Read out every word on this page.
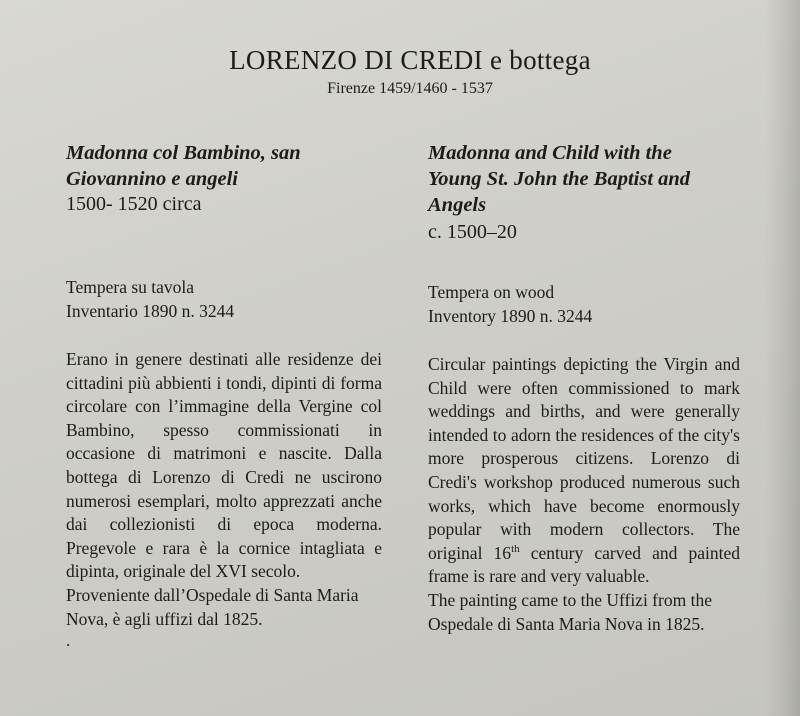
LORENZO DI CREDI e bottega

Firenze 1459/1460 - 1537

Madonna col Bambino, san

Giovannino e angeli

1500- 1520 circa

Tempera su tavola

Inventario 1890 n. 3244

Erano in genere destinati alle residenze dei cittadini più abbienti i tondi, dipinti di forma circolare con l’immagine della Vergine col Bambino, spesso commissionati in occasione di matrimoni e nascite. Dalla bottega di Lorenzo di Credi ne uscirono numerosi esemplari, molto apprezzati anche dai collezionisti di epoca moderna. Pregevole e rara è la cornice intagliata e dipinta, originale del XVI secolo.

Proveniente dall’Ospedale di Santa Maria Nova, è agli uffizi dal 1825.

.

Madonna and Child with the

Young St. John the Baptist and

Angels

c. 1500–20

Tempera on wood

Inventory 1890 n. 3244

Circular paintings depicting the Virgin and Child were often commissioned to mark weddings and births, and were generally intended to adorn the residences of the city's more prosperous citizens. Lorenzo di Credi's workshop produced numerous such works, which have become enormously popular with modern collectors. The original 16th century carved and painted frame is rare and very valuable.

The painting came to the Uffizi from the Ospedale di Santa Maria Nova in 1825.
